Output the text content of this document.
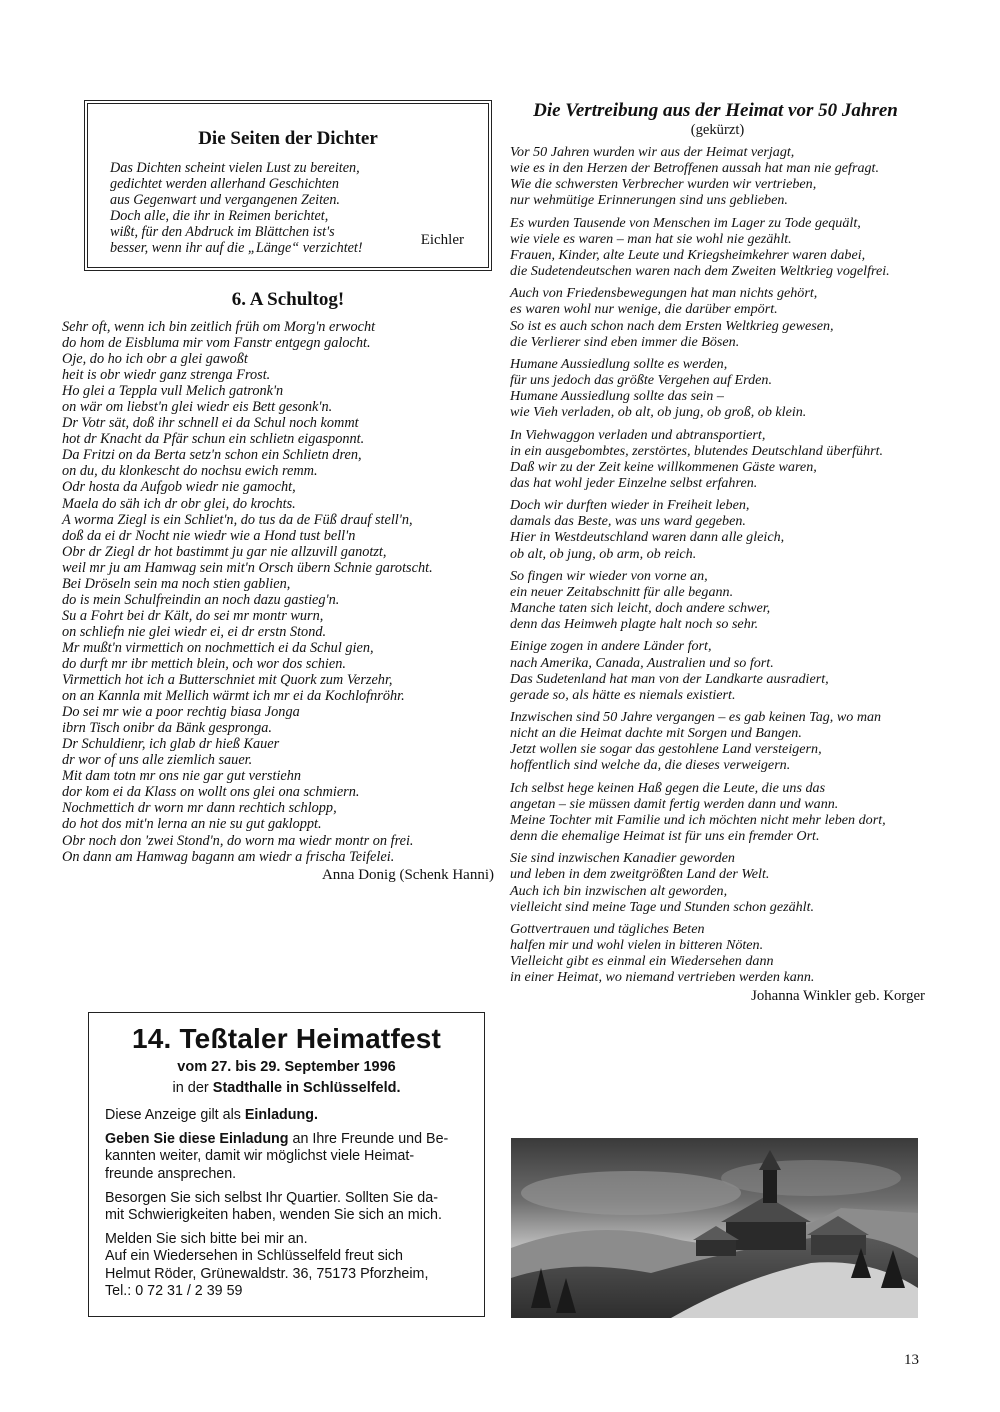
Die Seiten der Dichter
Das Dichten scheint vielen Lust zu bereiten,
gedichtet werden allerhand Geschichten
aus Gegenwart und vergangenen Zeiten.
Doch alle, die ihr in Reimen berichtet,
wißt, für den Abdruck im Blättchen ist's
besser, wenn ihr auf die „Länge“ verzichtet!	Eichler
6. A Schultog!
Sehr oft, wenn ich bin zeitlich früh om Morg'n erwocht
do hom de Eisbluma mir vom Fanstr entgegn galocht.
Oje, do ho ich obr a glei gawoßt
heit is obr wiedr ganz strenga Frost.
Ho glei a Teppla vull Melich gatronk'n
on wär om liebst'n glei wiedr eis Bett gesonk'n.
Dr Votr sät, doß ihr schnell ei da Schul noch kommt
hot dr Knacht da Pfär schun ein schlietn eigasponnt.
Da Fritzi on da Berta setz'n schon ein Schlietn dren,
on du, du klonkescht do nochsu ewich remm.
Odr hosta da Aufgob wiedr nie gamocht,
Maela do säh ich dr obr glei, do krochts.
A worma Ziegl is ein Schliet'n, do tus da de Füß drauf stell'n,
doß da ei dr Nocht nie wiedr wie a Hond tust bell'n
Obr dr Ziegl dr hot bastimmt ju gar nie allzuvill ganotzt,
weil mr ju am Hamwag sein mit'n Orsch übern Schnie garotscht.
Bei Dröseln sein ma noch stien gablien,
do is mein Schulfreindin an noch dazu gastieg'n.
Su a Fohrt bei dr Kält, do sei mr montr wurn,
on schliefn nie glei wiedr ei, ei dr erstn Stond.
Mr mußt'n virmettich on nochmettich ei da Schul gien,
do durft mr ibr mettich blein, och wor dos schien.
Virmettich hot ich a Butterschniet mit Quork zum Verzehr,
on an Kannla mit Mellich wärmt ich mr ei da Kochlofnröhr.
Do sei mr wie a poor rechtig biasa Jonga
ibrn Tisch onibr da Bänk gespronga.
Dr Schuldienr, ich glab dr hieß Kauer
dr wor of uns alle ziemlich sauer.
Mit dam totn mr ons nie gar gut verstiehn
dor kom ei da Klass on wollt ons glei ona schmiern.
Nochmettich dr worn mr dann rechtich schlopp,
do hot dos mit'n lerna an nie su gut gakloppt.
Obr noch don 'zwei Stond'n, do worn ma wiedr montr on frei.
On dann am Hamwag bagann am wiedr a frischa Teifelei.
Anna Donig (Schenk Hanni)
14. Teßtaler Heimatfest
vom 27. bis 29. September 1996
in der Stadthalle in Schlüsselfeld.

Diese Anzeige gilt als Einladung.

Geben Sie diese Einladung an Ihre Freunde und Be-
kannten weiter, damit wir möglichst viele Heimat-
freunde ansprechen.

Besorgen Sie sich selbst Ihr Quartier. Sollten Sie da-
mit Schwierigkeiten haben, wenden Sie sich an mich.

Melden Sie sich bitte bei mir an.
Auf ein Wiedersehen in Schlüsselfeld freut sich
Helmut Röder, Grünewaldstr. 36, 75173 Pforzheim,
Tel.: 0 72 31 / 2 39 59

Die Vertreibung aus der Heimat vor 50 Jahren
(gekürzt)
Vor 50 Jahren wurden wir aus der Heimat verjagt,
wie es in den Herzen der Betroffenen aussah hat man nie gefragt.
Wie die schwersten Verbrecher wurden wir vertrieben,
nur wehmütige Erinnerungen sind uns geblieben.
Es wurden Tausende von Menschen im Lager zu Tode gequält,
wie viele es waren – man hat sie wohl nie gezählt.
Frauen, Kinder, alte Leute und Kriegsheimkehrer waren dabei,
die Sudetendeutschen waren nach dem Zweiten Weltkrieg vogelfrei.
Auch von Friedensbewegungen hat man nichts gehört,
es waren wohl nur wenige, die darüber empört.
So ist es auch schon nach dem Ersten Weltkrieg gewesen,
die Verlierer sind eben immer die Bösen.
Humane Aussiedlung sollte es werden,
für uns jedoch das größte Vergehen auf Erden.
Humane Aussiedlung sollte das sein –
wie Vieh verladen, ob alt, ob jung, ob groß, ob klein.
In Viehwaggon verladen und abtransportiert,
in ein ausgebombtes, zerstörtes, blutendes Deutschland überführt.
Daß wir zu der Zeit keine willkommenen Gäste waren,
das hat wohl jeder Einzelne selbst erfahren.
Doch wir durften wieder in Freiheit leben,
damals das Beste, was uns ward gegeben.
Hier in Westdeutschland waren dann alle gleich,
ob alt, ob jung, ob arm, ob reich.
So fingen wir wieder von vorne an,
ein neuer Zeitabschnitt für alle begann.
Manche taten sich leicht, doch andere schwer,
denn das Heimweh plagte halt noch so sehr.
Einige zogen in andere Länder fort,
nach Amerika, Canada, Australien und so fort.
Das Sudetenland hat man von der Landkarte ausradiert,
gerade so, als hätte es niemals existiert.
Inzwischen sind 50 Jahre vergangen – es gab keinen Tag, wo man
nicht an die Heimat dachte mit Sorgen und Bangen.
Jetzt wollen sie sogar das gestohlene Land versteigern,
hoffentlich sind welche da, die dieses verweigern.
Ich selbst hege keinen Haß gegen die Leute, die uns das
angetan – sie müssen damit fertig werden dann und wann.
Meine Tochter mit Familie und ich möchten nicht mehr leben dort,
denn die ehemalige Heimat ist für uns ein fremder Ort.
Sie sind inzwischen Kanadier geworden
und leben in dem zweitgrößten Land der Welt.
Auch ich bin inzwischen alt geworden,
vielleicht sind meine Tage und Stunden schon gezählt.
Gottvertrauen und tägliches Beten
halfen mir und wohl vielen in bitteren Nöten.
Vielleicht gibt es einmal ein Wiedersehen dann
in einer Heimat, wo niemand vertrieben werden kann.
Johanna Winkler geb. Korger
13
